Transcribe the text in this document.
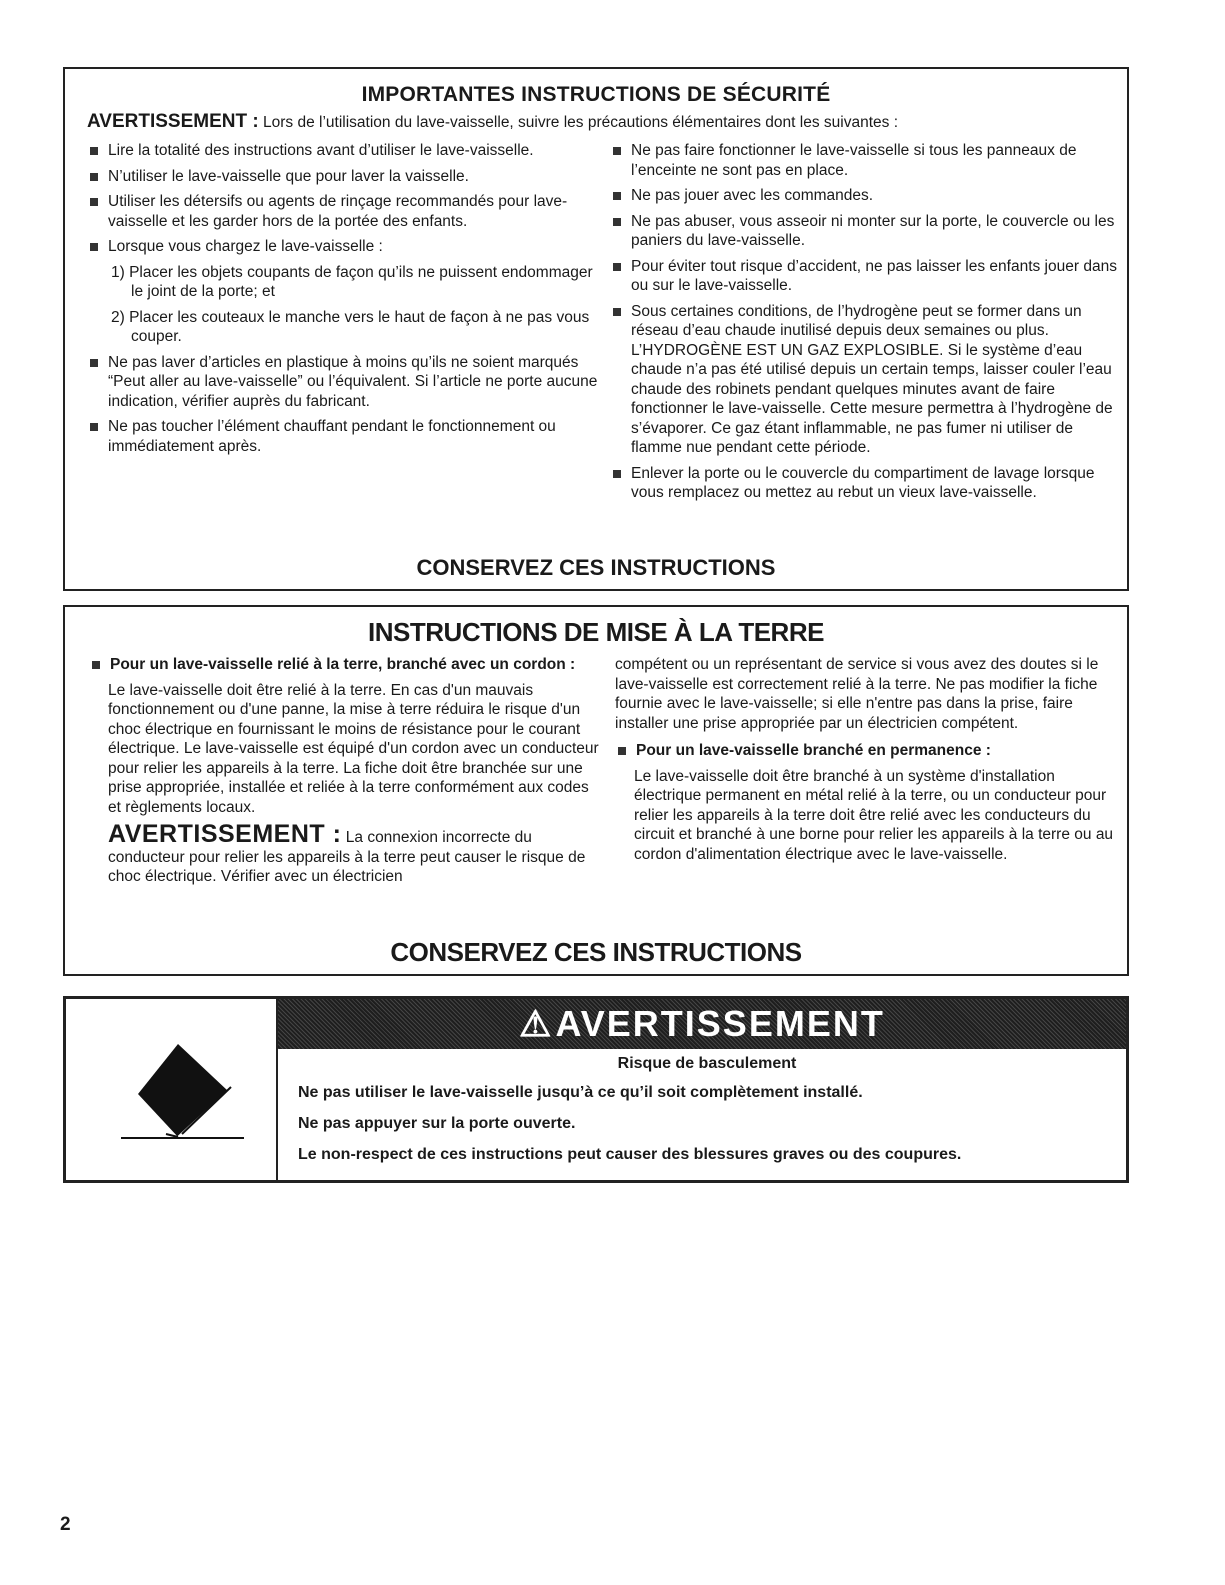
IMPORTANTES INSTRUCTIONS DE SÉCURITÉ
AVERTISSEMENT : Lors de l’utilisation du lave-vaisselle, suivre les précautions élémentaires dont les suivantes :
Lire la totalité des instructions avant d’utiliser le lave-vaisselle.
N’utiliser le lave-vaisselle que pour laver la vaisselle.
Utiliser les détersifs ou agents de rinçage recommandés pour lave-vaisselle et les garder hors de la portée des enfants.
Lorsque vous chargez le lave-vaisselle :
1) Placer les objets coupants de façon qu’ils ne puissent endommager le joint de la porte; et
2) Placer les couteaux le manche vers le haut de façon à ne pas vous couper.
Ne pas laver d’articles en plastique à moins qu’ils ne soient marqués “Peut aller au lave-vaisselle” ou l’équivalent. Si l’article ne porte aucune indication, vérifier auprès du fabricant.
Ne pas toucher l’élément chauffant pendant le fonctionnement ou immédiatement après.
Ne pas faire fonctionner le lave-vaisselle si tous les panneaux de l’enceinte ne sont pas en place.
Ne pas jouer avec les commandes.
Ne pas abuser, vous asseoir ni monter sur la porte, le couvercle ou les paniers du lave-vaisselle.
Pour éviter tout risque d’accident, ne pas laisser les enfants jouer dans ou sur le lave-vaisselle.
Sous certaines conditions, de l’hydrogène peut se former dans un réseau d’eau chaude inutilisé depuis deux semaines ou plus. L’HYDROGÈNE EST UN GAZ EXPLOSIBLE. Si le système d’eau chaude n’a pas été utilisé depuis un certain temps, laisser couler l’eau chaude des robinets pendant quelques minutes avant de faire fonctionner le lave-vaisselle. Cette mesure permettra à l’hydrogène de s’évaporer. Ce gaz étant inflammable, ne pas fumer ni utiliser de flamme nue pendant cette période.
Enlever la porte ou le couvercle du compartiment de lavage lorsque vous remplacez ou mettez au rebut un vieux lave-vaisselle.
CONSERVEZ CES INSTRUCTIONS
INSTRUCTIONS DE MISE À LA TERRE
Pour un lave-vaisselle relié à la terre, branché avec un cordon :
Le lave-vaisselle doit être relié à la terre. En cas d'un mauvais fonctionnement ou d'une panne, la mise à terre réduira le risque d'un choc électrique en fournissant le moins de résistance pour le courant électrique. Le lave-vaisselle est équipé d'un cordon avec un conducteur pour relier les appareils à la terre. La fiche doit être branchée sur une prise appropriée, installée et reliée à la terre conformément aux codes et règlements locaux.
AVERTISSEMENT : La connexion incorrecte du conducteur pour relier les appareils à la terre peut causer le risque de choc électrique. Vérifier avec un électricien
compétent ou un représentant de service si vous avez des doutes si le lave-vaisselle est correctement relié à la terre. Ne pas modifier la fiche fournie avec le lave-vaisselle; si elle n'entre pas dans la prise, faire installer une prise appropriée par un électricien compétent.
Pour un lave-vaisselle branché en permanence :
Le lave-vaisselle doit être branché à un système d'installation électrique permanent en métal relié à la terre, ou un conducteur pour relier les appareils à la terre doit être relié avec les conducteurs du circuit et branché à une borne pour relier les appareils à la terre ou au cordon d'alimentation électrique avec le lave-vaisselle.
CONSERVEZ CES INSTRUCTIONS
⚠AVERTISSEMENT
Risque de basculement

Ne pas utiliser le lave-vaisselle jusqu’à ce qu’il soit complètement installé.

Ne pas appuyer sur la porte ouverte.

Le non-respect de ces instructions peut causer des blessures graves ou des coupures.

2
